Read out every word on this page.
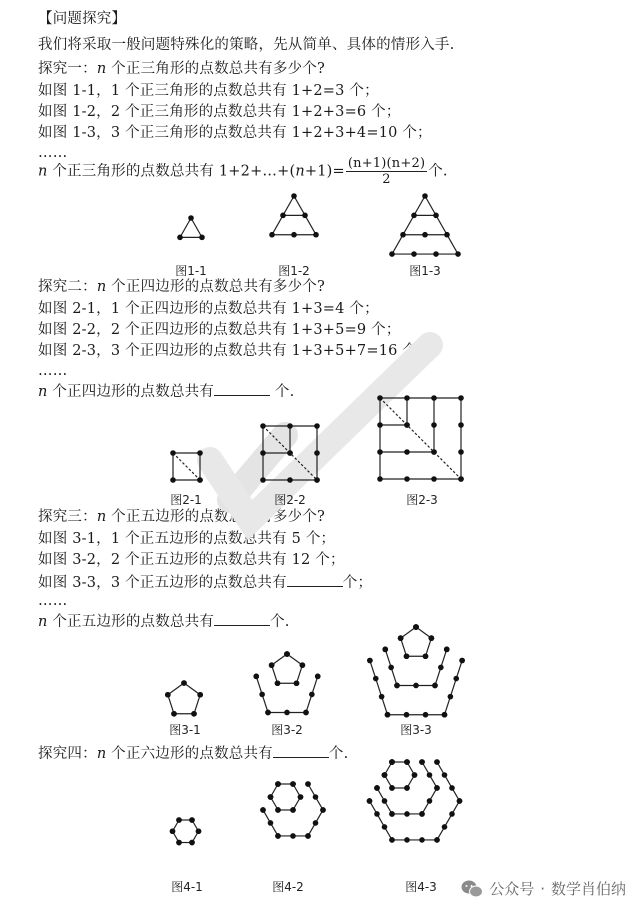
【问题探究】
我们将采取一般问题特殊化的策略，先从简单、具体的情形入手.
探究一：n 个正三角形的点数总共有多少个?
如图 1-1，1 个正三角形的点数总共有 1+2=3 个；
如图 1-2，2 个正三角形的点数总共有 1+2+3=6 个；
如图 1-3，3 个正三角形的点数总共有 1+2+3+4=10 个；
……
n 个正三角形的点数总共有 1+2+…+(n+1)= $\frac{(n+1)(n+2)}{2}$ 个.
探究二：n 个正四边形的点数总共有多少个?
如图 2-1，1 个正四边形的点数总共有 1+3=4 个；
如图 2-2，2 个正四边形的点数总共有 1+3+5=9 个；
如图 2-3，3 个正四边形的点数总共有 1+3+5+7=16 个；
……
n 个正四边形的点数总共有	个.
探究三：n 个正五边形的点数总共有多少个?
如图 3-1，1 个正五边形的点数总共有 5 个；
如图 3-2，2 个正五边形的点数总共有 12 个；
如图 3-3，3 个正五边形的点数总共有	个；
……
n 个正五边形的点数总共有	个.
探究四：n 个正六边形的点数总共有	个.
图1-1	图1-2	图1-3
图2-1	图2-2	图2-3
图3-1	图3-2	图3-3
图4-1	图4-2	图4-3	公众号 · 数学肖伯纳
